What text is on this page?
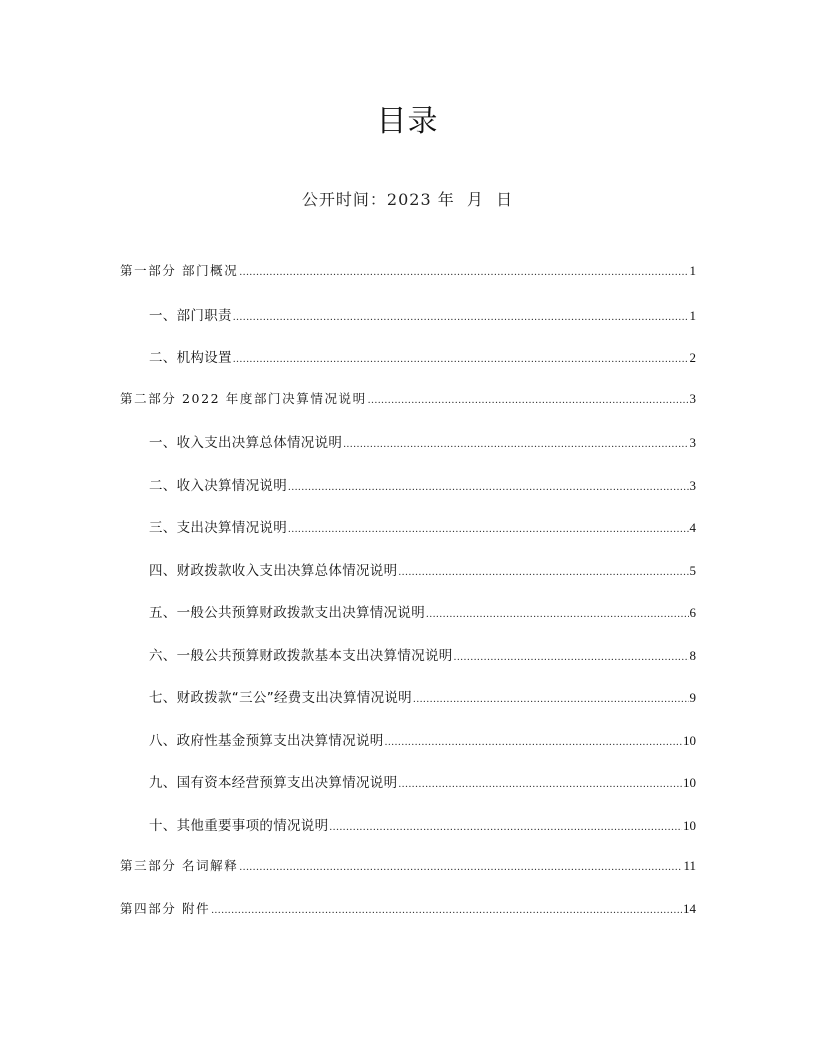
目录
公开时间：2023 年  月  日
第一部分 部门概况 .....	1
一、部门职责 .....	1
二、机构设置 .....	2
第二部分 2022 年度部门决算情况说明 .....	3
一、收入支出决算总体情况说明 .....	3
二、收入决算情况说明 .....	3
三、支出决算情况说明 .....	4
四、财政拨款收入支出决算总体情况说明 .....	5
五、一般公共预算财政拨款支出决算情况说明 .....	6
六、一般公共预算财政拨款基本支出决算情况说明 .....	8
七、财政拨款“三公”经费支出决算情况说明 .....	9
八、政府性基金预算支出决算情况说明 .....	10
九、国有资本经营预算支出决算情况说明 .....	10
十、其他重要事项的情况说明 .....	10
第三部分 名词解释 .....	11
第四部分 附件 .....	14
